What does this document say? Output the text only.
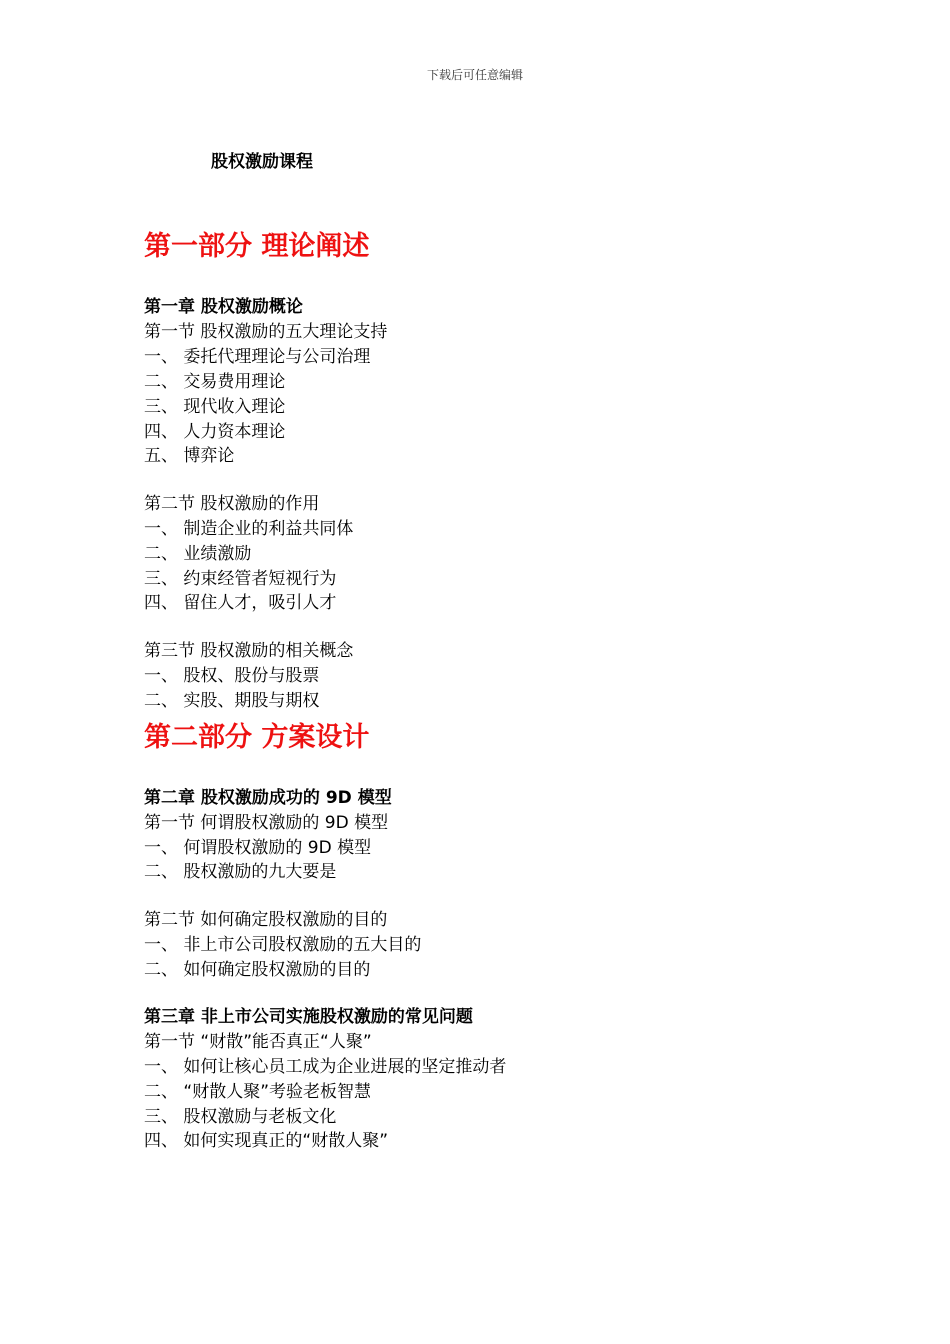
下载后可任意编辑
股权激励课程
第一部分 理论阐述
第一章 股权激励概论
第一节 股权激励的五大理论支持
一、 委托代理理论与公司治理
二、 交易费用理论
三、 现代收入理论
四、 人力资本理论
五、 博弈论
第二节 股权激励的作用
一、 制造企业的利益共同体
二、 业绩激励
三、 约束经管者短视行为
四、 留住人才，吸引人才
第三节 股权激励的相关概念
一、 股权、股份与股票
二、 实股、期股与期权
第二部分 方案设计
第二章 股权激励成功的 9D 模型
第一节 何谓股权激励的 9D 模型
一、 何谓股权激励的 9D 模型
二、 股权激励的九大要是
第二节 如何确定股权激励的目的
一、 非上市公司股权激励的五大目的
二、 如何确定股权激励的目的
第三章 非上市公司实施股权激励的常见问题
第一节 “财散”能否真正“人聚”
一、 如何让核心员工成为企业进展的坚定推动者
二、 “财散人聚”考验老板智慧
三、 股权激励与老板文化
四、 如何实现真正的“财散人聚”
